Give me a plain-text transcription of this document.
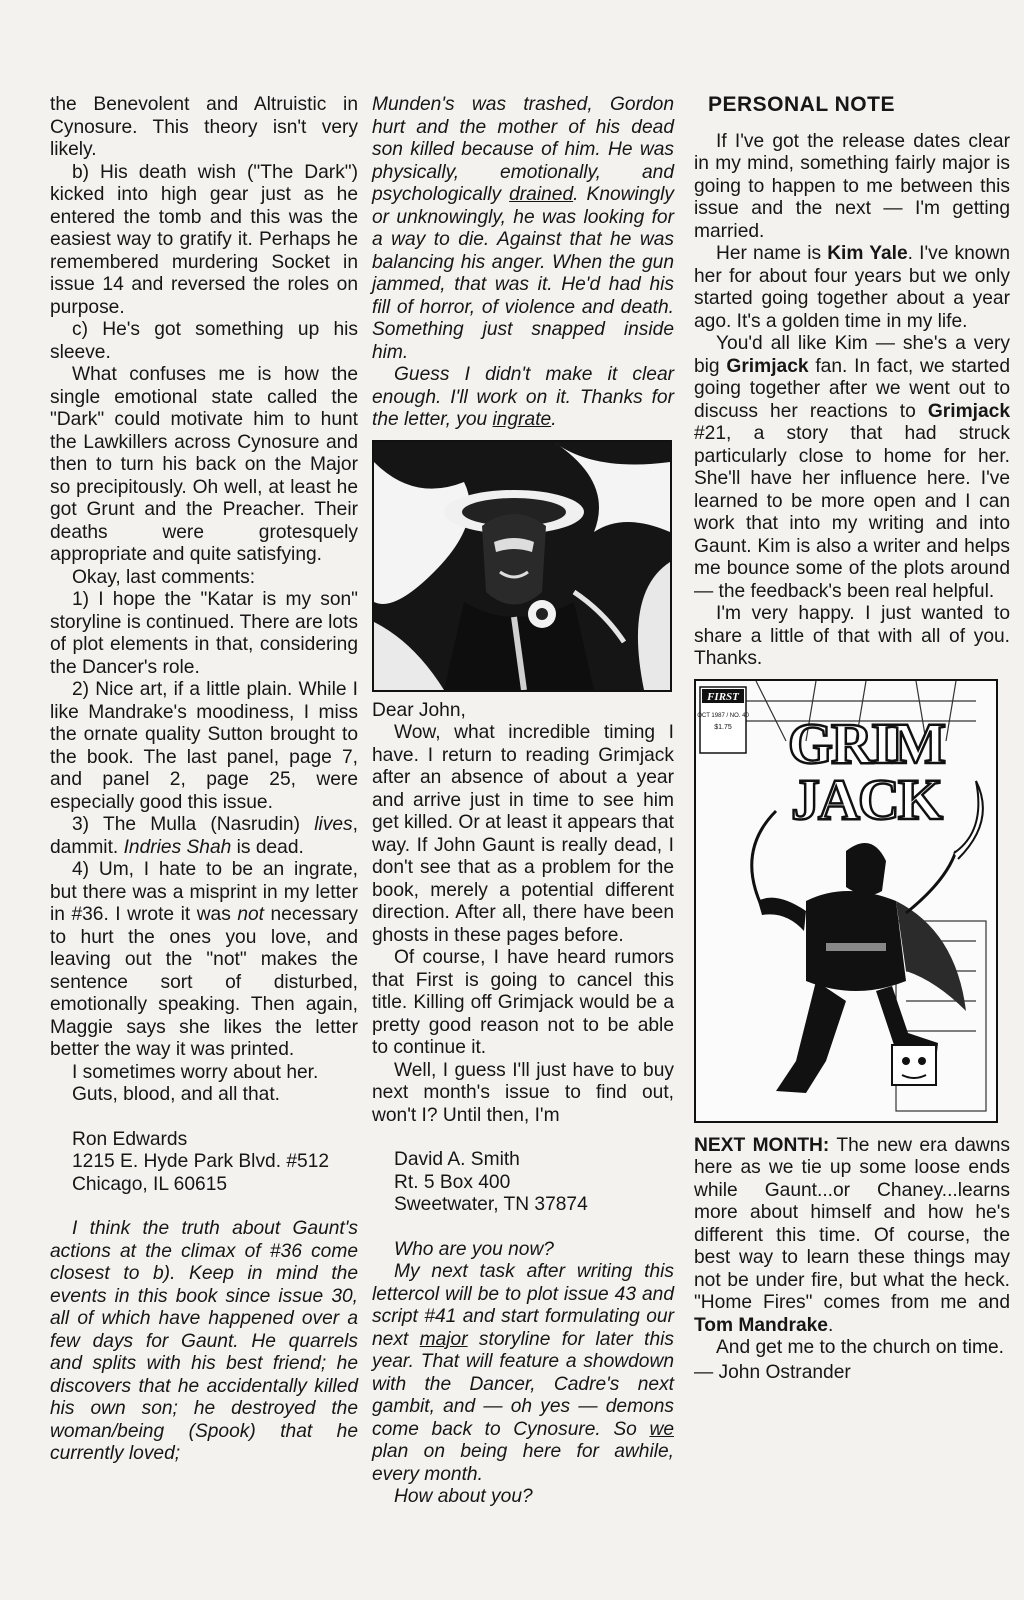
the Benevolent and Altruistic in Cynosure. This theory isn't very likely.

b) His death wish ("The Dark") kicked into high gear just as he entered the tomb and this was the easiest way to gratify it. Perhaps he remembered murdering Socket in issue 14 and reversed the roles on purpose.

c) He's got something up his sleeve.

What confuses me is how the single emotional state called the "Dark" could motivate him to hunt the Lawkillers across Cynosure and then to turn his back on the Major so precipitously. Oh well, at least he got Grunt and the Preacher. Their deaths were grotesquely appropriate and quite satisfying.

Okay, last comments:

1) I hope the "Katar is my son" storyline is continued. There are lots of plot elements in that, considering the Dancer's role.

2) Nice art, if a little plain. While I like Mandrake's moodiness, I miss the ornate quality Sutton brought to the book. The last panel, page 7, and panel 2, page 25, were especially good this issue.

3) The Mulla (Nasrudin) lives, dammit. Indries Shah is dead.

4) Um, I hate to be an ingrate, but there was a misprint in my letter in #36. I wrote it was not necessary to hurt the ones you love, and leaving out the "not" makes the sentence sort of disturbed, emotionally speaking. Then again, Maggie says she likes the letter better the way it was printed.

I sometimes worry about her.

Guts, blood, and all that.

Ron Edwards

1215 E. Hyde Park Blvd. #512

Chicago, IL 60615

I think the truth about Gaunt's actions at the climax of #36 come closest to b). Keep in mind the events in this book since issue 30, all of which have happened over a few days for Gaunt. He quarrels and splits with his best friend; he discovers that he accidentally killed his own son; he destroyed the woman/being (Spook) that he currently loved;

Munden's was trashed, Gordon hurt and the mother of his dead son killed because of him. He was physically, emotionally, and psychologically drained. Knowingly or unknowingly, he was looking for a way to die. Against that he was balancing his anger. When the gun jammed, that was it. He'd had his fill of horror, of violence and death. Something just snapped inside him.

Guess I didn't make it clear enough. I'll work on it. Thanks for the letter, you ingrate.

Dear John,

Wow, what incredible timing I have. I return to reading Grimjack after an absence of about a year and arrive just in time to see him get killed. Or at least it appears that way. If John Gaunt is really dead, I don't see that as a problem for the book, merely a potential different direction. After all, there have been ghosts in these pages before.

Of course, I have heard rumors that First is going to cancel this title. Killing off Grimjack would be a pretty good reason not to be able to continue it.

Well, I guess I'll just have to buy next month's issue to find out, won't I? Until then, I'm

David A. Smith

Rt. 5 Box 400

Sweetwater, TN 37874

Who are you now?

My next task after writing this lettercol will be to plot issue 43 and script #41 and start formulating our next major storyline for later this year. That will feature a showdown with the Dancer, Cadre's next gambit, and — oh yes — demons come back to Cynosure. So we plan on being here for awhile, every month.

How about you?

PERSONAL NOTE

If I've got the release dates clear in my mind, something fairly major is going to happen to me between this issue and the next — I'm getting married.

Her name is Kim Yale. I've known her for about four years but we only started going together about a year ago. It's a golden time in my life.

You'd all like Kim — she's a very big Grimjack fan. In fact, we started going together after we went out to discuss her reactions to Grimjack #21, a story that had struck particularly close to home for her. She'll have her influence here. I've learned to be more open and I can work that into my writing and into Gaunt. Kim is also a writer and helps me bounce some of the plots around — the feedback's been real helpful.

I'm very happy. I just wanted to share a little of that with all of you. Thanks.

FIRST
OCT 1987 / NO. 40
$1.75 GRIM
JACK

NEXT MONTH: The new era dawns here as we tie up some loose ends while Gaunt...or Chaney...learns more about himself and how he's different this time. Of course, the best way to learn these things may not be under fire, but what the heck. "Home Fires" comes from me and Tom Mandrake.

And get me to the church on time.

— John Ostrander
